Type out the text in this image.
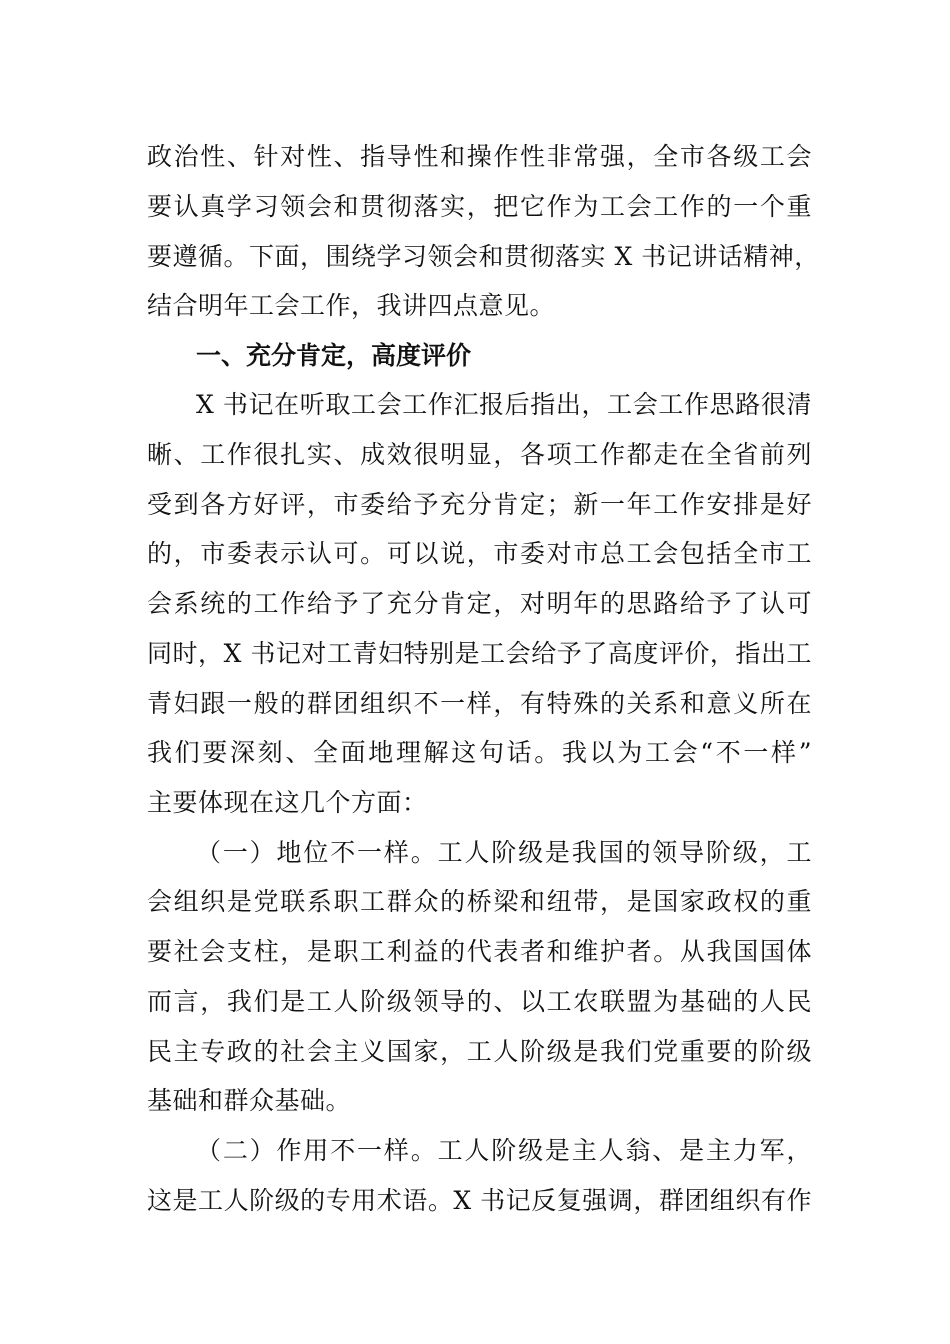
政治性、针对性、指导性和操作性非常强，全市各级工会
要认真学习领会和贯彻落实，把它作为工会工作的一个重
要遵循。下面，围绕学习领会和贯彻落实 X 书记讲话精神，
结合明年工会工作，我讲四点意见。
一、充分肯定，高度评价
X 书记在听取工会工作汇报后指出，工会工作思路很清
晰、工作很扎实、成效很明显，各项工作都走在全省前列
受到各方好评，市委给予充分肯定；新一年工作安排是好
的，市委表示认可。可以说，市委对市总工会包括全市工
会系统的工作给予了充分肯定，对明年的思路给予了认可
同时，X 书记对工青妇特别是工会给予了高度评价，指出工
青妇跟一般的群团组织不一样，有特殊的关系和意义所在
我们要深刻、全面地理解这句话。我以为工会“不一样”
主要体现在这几个方面：
（一）地位不一样。工人阶级是我国的领导阶级，工
会组织是党联系职工群众的桥梁和纽带，是国家政权的重
要社会支柱，是职工利益的代表者和维护者。从我国国体
而言，我们是工人阶级领导的、以工农联盟为基础的人民
民主专政的社会主义国家，工人阶级是我们党重要的阶级
基础和群众基础。
（二）作用不一样。工人阶级是主人翁、是主力军，
这是工人阶级的专用术语。X 书记反复强调，群团组织有作
